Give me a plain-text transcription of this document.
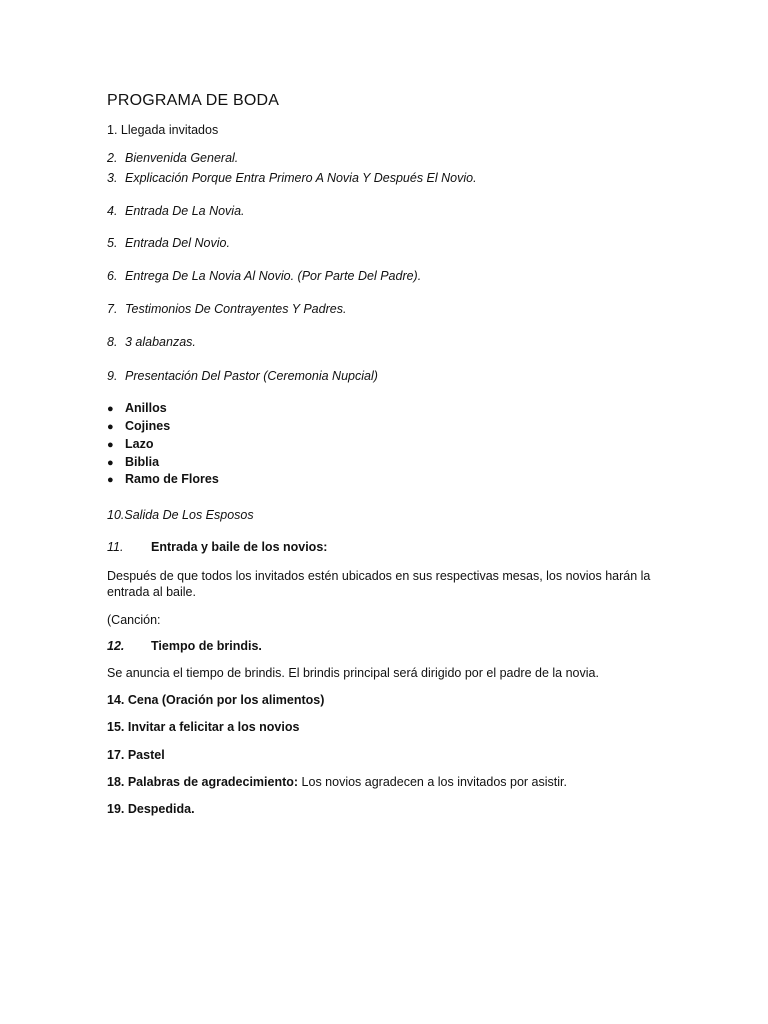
PROGRAMA DE BODA
1. Llegada invitados
2. Bienvenida General.
3. Explicación Porque Entra Primero A Novia Y Después El Novio.
4. Entrada De La Novia.
5. Entrada Del Novio.
6. Entrega De La Novia Al Novio. (Por Parte Del Padre).
7. Testimonios De Contrayentes Y Padres.
8. 3 alabanzas.
9. Presentación Del Pastor (Ceremonia Nupcial)
● Anillos
● Cojines
● Lazo
● Biblia
● Ramo de Flores
10.Salida De Los Esposos
11. Entrada y baile de los novios:
Después de que todos los invitados estén ubicados en sus respectivas mesas, los novios harán la entrada al baile.
(Canción:
12. Tiempo de brindis.
Se anuncia el tiempo de brindis. El brindis principal será dirigido por el padre de la novia.
14. Cena (Oración por los alimentos)
15. Invitar a felicitar a los novios
17. Pastel
18. Palabras de agradecimiento: Los novios agradecen a los invitados por asistir.
19. Despedida.
